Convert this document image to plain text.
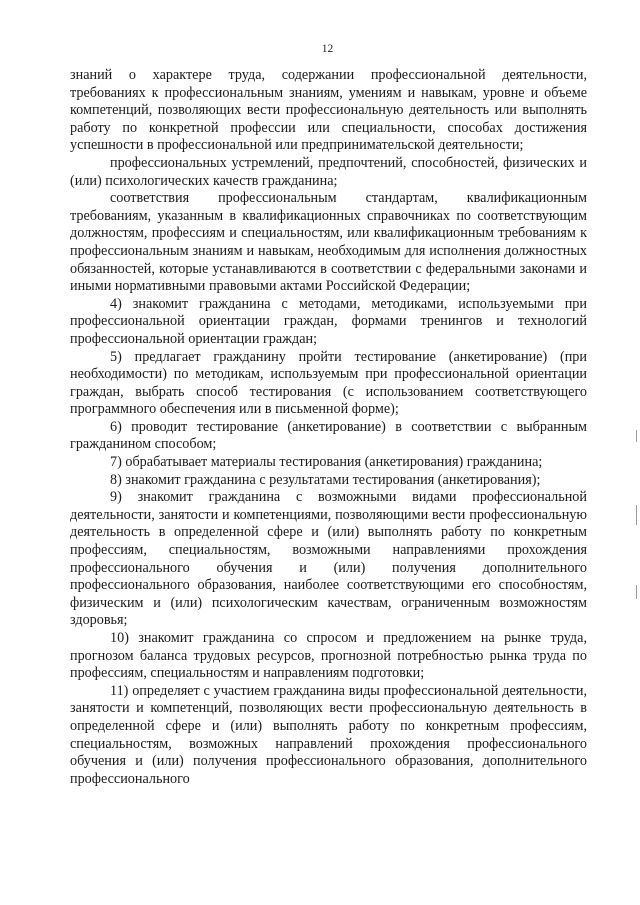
12

знаний о характере труда, содержании профессиональной деятельности, требованиях к профессиональным знаниям, умениям и навыкам, уровне и объеме компетенций, позволяющих вести профессиональную деятельность или выполнять работу по конкретной профессии или специальности, способах достижения успешности в профессиональной или предпринимательской деятельности;

профессиональных устремлений, предпочтений, способностей, физических и (или) психологических качеств гражданина;

соответствия профессиональным стандартам, квалификационным требованиям, указанным в квалификационных справочниках по соответствующим должностям, профессиям и специальностям, или квалификационным требованиям к профессиональным знаниям и навыкам, необходимым для исполнения должностных обязанностей, которые устанавливаются в соответствии с федеральными законами и иными нормативными правовыми актами Российской Федерации;

4) знакомит гражданина с методами, методиками, используемыми при профессиональной ориентации граждан, формами тренингов и технологий профессиональной ориентации граждан;

5) предлагает гражданину пройти тестирование (анкетирование) (при необходимости) по методикам, используемым при профессиональной ориентации граждан, выбрать способ тестирования (с использованием соответствующего программного обеспечения или в письменной форме);

6) проводит тестирование (анкетирование) в соответствии с выбранным гражданином способом;

7) обрабатывает материалы тестирования (анкетирования) гражданина;

8) знакомит гражданина с результатами тестирования (анкетирования);

9) знакомит гражданина с возможными видами профессиональной деятельности, занятости и компетенциями, позволяющими вести профессиональную деятельность в определенной сфере и (или) выполнять работу по конкретным профессиям, специальностям, возможными направлениями прохождения профессионального обучения и (или) получения дополнительного профессионального образования, наиболее соответствующими его способностям, физическим и (или) психологическим качествам, ограниченным возможностям здоровья;

10) знакомит гражданина со спросом и предложением на рынке труда, прогнозом баланса трудовых ресурсов, прогнозной потребностью рынка труда по профессиям, специальностям и направлениям подготовки;

11) определяет с участием гражданина виды профессиональной деятельности, занятости и компетенций, позволяющих вести профессиональную деятельность в определенной сфере и (или) выполнять работу по конкретным профессиям, специальностям, возможных направлений прохождения профессионального обучения и (или) получения профессионального образования, дополнительного профессионального
